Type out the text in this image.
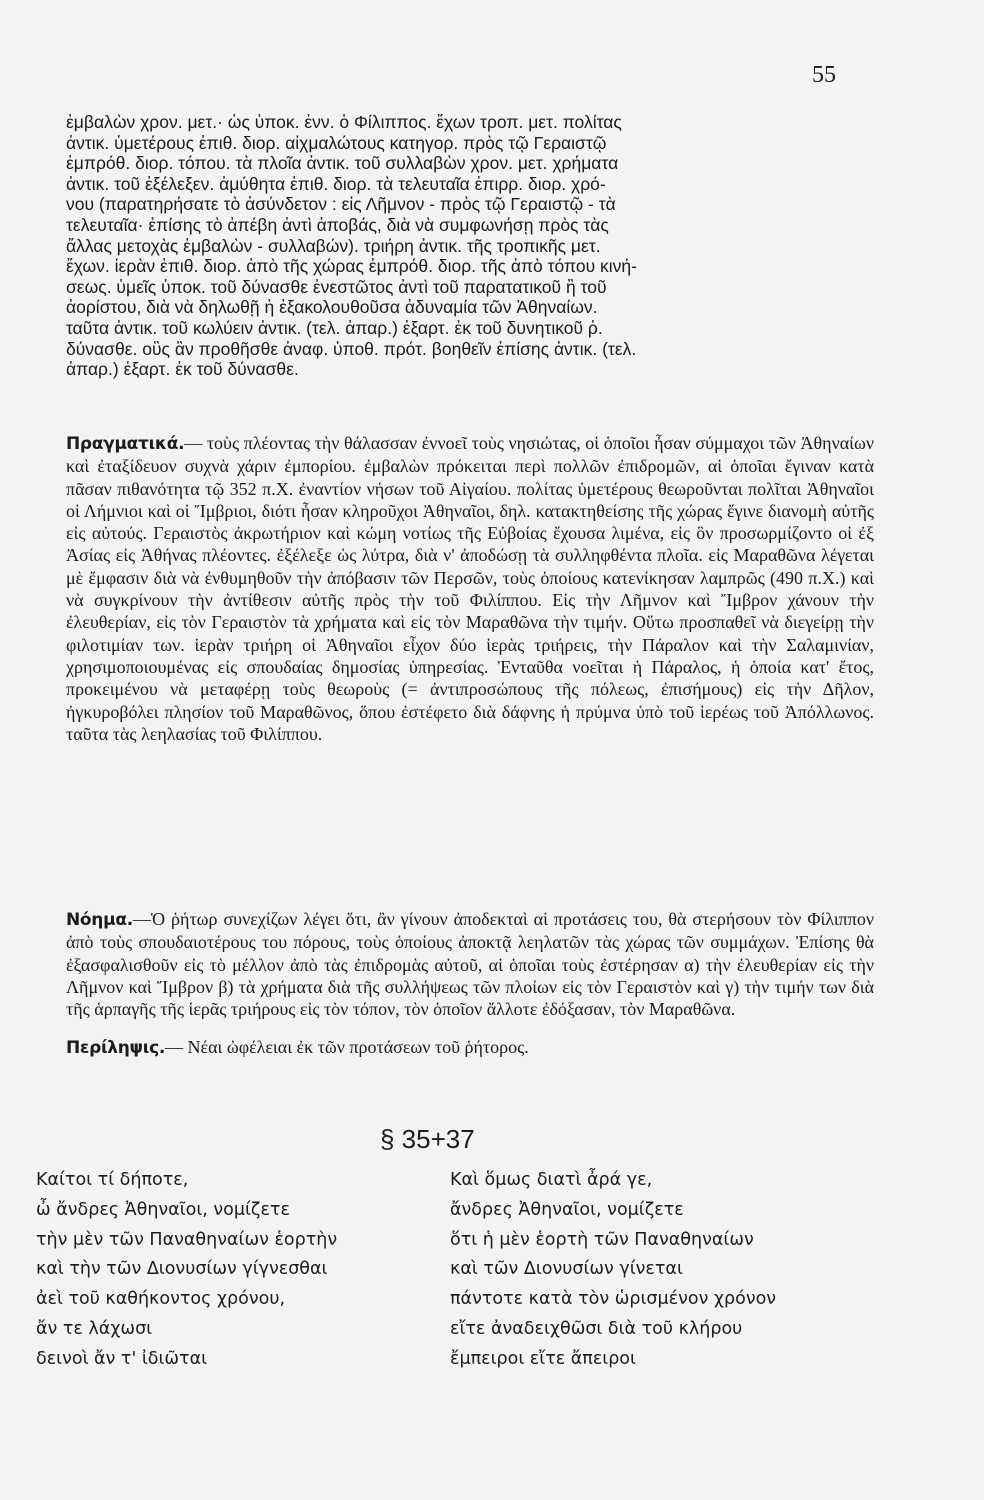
55
ἐμβαλὼν χρον. μετ.· ὡς ὑποκ. ἐνν. ὁ Φίλιππος. ἔχων τροπ. μετ. πολίτας
ἀντικ. ὑμετέρους ἐπιθ. διορ. αἰχμαλώτους κατηγορ. πρὸς τῷ Γεραιστῷ
ἐμπρόθ. διορ. τόπου. τὰ πλοῖα ἀντικ. τοῦ συλλαβὼν χρον. μετ. χρήματα
ἀντικ. τοῦ ἐξέλεξεν. ἀμύθητα ἐπιθ. διορ. τὰ τελευταῖα ἐπιρρ. διορ. χρό-
νου (παρατηρήσατε τὸ ἀσύνδετον : εἰς Λῆμνον - πρὸς τῷ Γεραιστῷ - τὰ
τελευταῖα· ἐπίσης τὸ ἀπέβη ἀντὶ ἀποβάς, διὰ νὰ συμφωνήσῃ πρὸς τὰς
ἄλλας μετοχὰς ἐμβαλὼν - συλλαβών). τριήρη ἀντικ. τῆς τροπικῆς μετ.
ἔχων. ἱερὰν ἐπιθ. διορ. ἀπὸ τῆς χώρας ἐμπρόθ. διορ. τῆς ἀπὸ τόπου κινή-
σεως. ὑμεῖς ὑποκ. τοῦ δύνασθε ἐνεστῶτος ἀντὶ τοῦ παρατατικοῦ ἢ τοῦ
ἀορίστου, διὰ νὰ δηλωθῇ ἡ ἐξακολουθοῦσα ἀδυναμία τῶν Ἀθηναίων.
ταῦτα ἀντικ. τοῦ κωλύειν ἀντικ. (τελ. ἀπαρ.) ἐξαρτ. ἐκ τοῦ δυνητικοῦ ῥ.
δύνασθε. οὓς ἂν προθῆσθε ἀναφ. ὑποθ. πρότ. βοηθεῖν ἐπίσης ἀντικ. (τελ.
ἀπαρ.) ἐξαρτ. ἐκ τοῦ δύνασθε.

Πραγματικά.— τοὺς πλέοντας τὴν θάλασσαν ἐννοεῖ τοὺς νησιώτας, οἱ ὁποῖοι ἦσαν σύμμαχοι τῶν Ἀθηναίων καὶ ἐταξίδευον συχνὰ χάριν ἐμπορίου. ἐμβαλὼν πρόκειται περὶ πολλῶν ἐπιδρομῶν, αἱ ὁποῖαι ἔγιναν κατὰ πᾶσαν πιθανότητα τῷ 352 π.Χ. ἐναντίον νήσων τοῦ Αἰγαίου. πολίτας ὑμετέρους θεωροῦνται πολῖται Ἀθηναῖοι οἱ Λήμνιοι καὶ οἱ Ἴμβριοι, διότι ἦσαν κληροῦχοι Ἀθηναῖοι, δηλ. κατακτηθείσης τῆς χώρας ἔγινε διανομὴ αὐτῆς εἰς αὐτούς. Γεραιστὸς ἀκρωτήριον καὶ κώμη νοτίως τῆς Εὐβοίας ἔχουσα λιμένα, εἰς ὃν προσωρμίζοντο οἱ ἐξ Ἀσίας εἰς Ἀθήνας πλέοντες. ἐξέλεξε ὡς λύτρα, διὰ ν' ἀποδώσῃ τὰ συλληφθέντα πλοῖα. εἰς Μαραθῶνα λέγεται μὲ ἔμφασιν διὰ νὰ ἐνθυμηθοῦν τὴν ἀπόβασιν τῶν Περσῶν, τοὺς ὁποίους κατενίκησαν λαμπρῶς (490 π.Χ.) καὶ νὰ συγκρίνουν τὴν ἀντίθεσιν αὐτῆς πρὸς τὴν τοῦ Φιλίππου. Εἰς τὴν Λῆμνον καὶ Ἴμβρον χάνουν τὴν ἐλευθερίαν, εἰς τὸν Γεραιστὸν τὰ χρήματα καὶ εἰς τὸν Μαραθῶνα τὴν τιμήν. Οὕτω προσπαθεῖ νὰ διεγείρῃ τὴν φιλοτιμίαν των. ἱερὰν τριήρη οἱ Ἀθηναῖοι εἶχον δύο ἱερὰς τριήρεις, τὴν Πάραλον καὶ τὴν Σαλαμινίαν, χρησιμοποιουμένας εἰς σπουδαίας δημοσίας ὑπηρεσίας. Ἐνταῦθα νοεῖται ἡ Πάραλος, ἡ ὁποία κατ' ἔτος, προκειμένου νὰ μεταφέρῃ τοὺς θεωροὺς (= ἀντιπροσώπους τῆς πόλεως, ἐπισήμους) εἰς τὴν Δῆλον, ἠγκυροβόλει πλησίον τοῦ Μαραθῶνος, ὅπου ἐστέφετο διὰ δάφνης ἡ πρύμνα ὑπὸ τοῦ ἱερέως τοῦ Ἀπόλλωνος. ταῦτα τὰς λεηλασίας τοῦ Φιλίππου.

Νόημα.—Ὁ ῥήτωρ συνεχίζων λέγει ὅτι, ἂν γίνουν ἀποδεκταὶ αἱ προτάσεις του, θὰ στερήσουν τὸν Φίλιππον ἀπὸ τοὺς σπουδαιοτέρους του πόρους, τοὺς ὁποίους ἀποκτᾷ λεηλατῶν τὰς χώρας τῶν συμμάχων. Ἐπίσης θὰ ἐξασφαλισθοῦν εἰς τὸ μέλλον ἀπὸ τὰς ἐπιδρομὰς αὐτοῦ, αἱ ὁποῖαι τοὺς ἐστέρησαν α) τὴν ἐλευθερίαν εἰς τὴν Λῆμνον καὶ Ἴμβρον β) τὰ χρήματα διὰ τῆς συλλήψεως τῶν πλοίων εἰς τὸν Γεραιστὸν καὶ γ) τὴν τιμήν των διὰ τῆς ἁρπαγῆς τῆς ἱερᾶς τριήρους εἰς τὸν τόπον, τὸν ὁποῖον ἄλλοτε ἐδόξασαν, τὸν Μαραθῶνα.

Περίληψις.— Νέαι ὠφέλειαι ἐκ τῶν προτάσεων τοῦ ῥήτορος.

§ 35+37
Καίτοι τί δήποτε,
ὦ ἄνδρες Ἀθηναῖοι, νομίζετε
τὴν μὲν τῶν Παναθηναίων ἑορτὴν
καὶ τὴν τῶν Διονυσίων γίγνεσθαι
ἀεὶ τοῦ καθήκοντος χρόνου,
ἄν τε λάχωσι
δεινοὶ ἄν τ' ἰδιῶται
Καὶ ὅμως διατὶ ἆρά γε,
ἄνδρες Ἀθηναῖοι, νομίζετε
ὅτι ἡ μὲν ἑορτὴ τῶν Παναθηναίων
καὶ τῶν Διονυσίων γίνεται
πάντοτε κατὰ τὸν ὡρισμένον χρόνον
εἴτε ἀναδειχθῶσι διὰ τοῦ κλήρου
ἔμπειροι εἴτε ἄπειροι
